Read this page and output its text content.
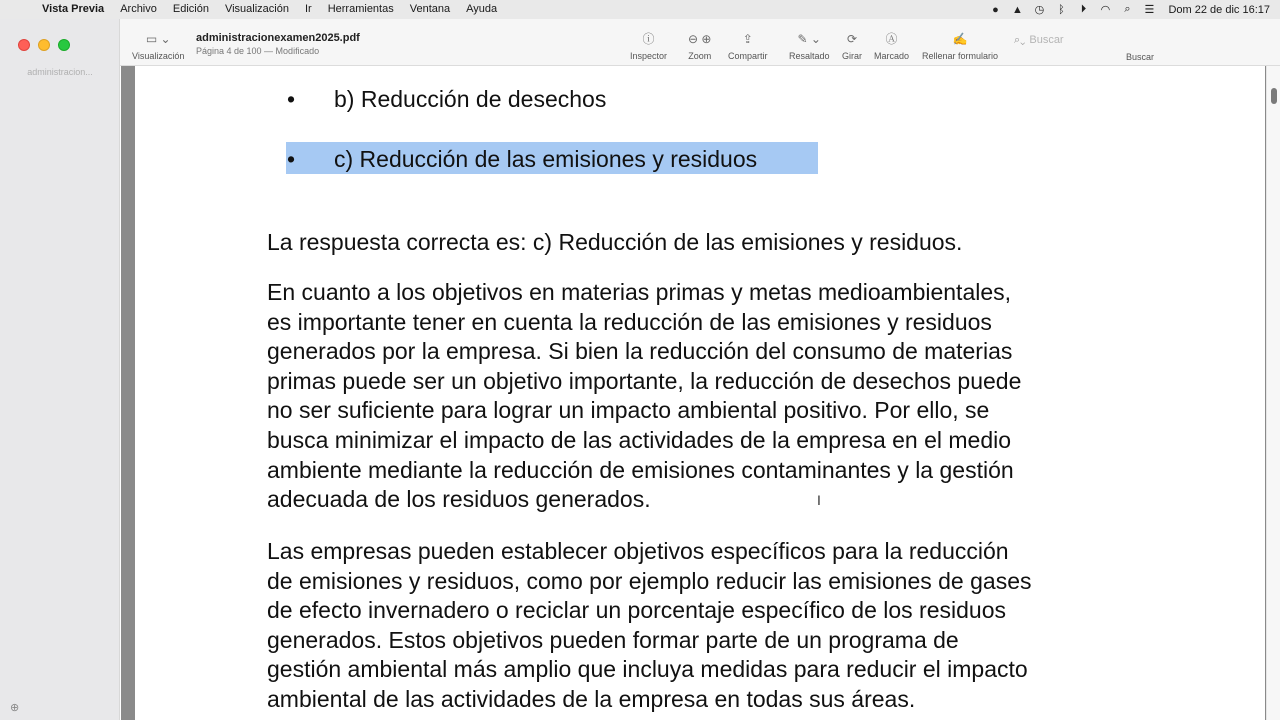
Vista Previa	Archivo	Edición	Visualización	Ir	Herramientas	Ventana	Ayuda	●	▲	◷	ᛒ	⏵	◠	⌕	☰	Dom 22 de dic 16:17
administracion...
⊕
▭ ⌄
Visualización
administracionexamen2025.pdf
Página 4 de 100 — Modificado
ⓘ
Inspector
⊖ ⊕
Zoom
⇪
Compartir
✎ ⌄
Resaltado
⟳
Girar
Ⓐ
Marcado
✍
Rellenar formulario
⌕⌄ Buscar
Buscar
• b) Reducción de desechos
• c) Reducción de las emisiones y residuos
La respuesta correcta es: c) Reducción de las emisiones y residuos.
En cuanto a los objetivos en materias primas y metas medioambientales,
es importante tener en cuenta la reducción de las emisiones y residuos
generados por la empresa. Si bien la reducción del consumo de materias
primas puede ser un objetivo importante, la reducción de desechos puede
no ser suficiente para lograr un impacto ambiental positivo. Por ello, se
busca minimizar el impacto de las actividades de la empresa en el medio
ambiente mediante la reducción de emisiones contaminantes y la gestión
adecuada de los residuos generados.
Las empresas pueden establecer objetivos específicos para la reducción
de emisiones y residuos, como por ejemplo reducir las emisiones de gases
de efecto invernadero o reciclar un porcentaje específico de los residuos
generados. Estos objetivos pueden formar parte de un programa de
gestión ambiental más amplio que incluya medidas para reducir el impacto
ambiental de las actividades de la empresa en todas sus áreas.
I
